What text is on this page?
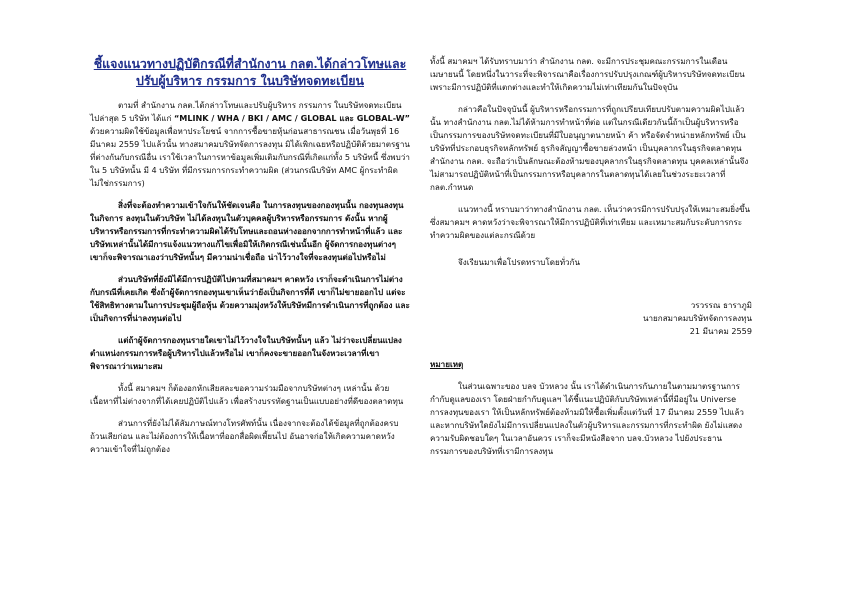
ชี้แจงแนวทางปฏิบัติกรณีที่สำนักงาน กลต.ได้กล่าวโทษและปรับผู้บริหาร กรรมการ ในบริษัทจดทะเบียน

ตามที่ สำนักงาน กลต.ได้กล่าวโทษและปรับผู้บริหาร กรรมการ ในบริษัทจดทะเบียนไปล่าสุด 5 บริษัท ได้แก่ “MLINK / WHA / BKI / AMC / GLOBAL และ GLOBAL-W” ด้วยความผิดใช้ข้อมูลเพื่อหาประโยชน์ จากการซื้อขายหุ้นก่อนสาธารณชน เมื่อวันพุธที่ 16 มีนาคม 2559 ไปแล้วนั้น ทางสมาคมบริษัทจัดการลงทุน มิได้เพิกเฉยหรือปฏิบัติด้วยมาตรฐานที่ต่างกันกับกรณีอื่น เราใช้เวลาในการหาข้อมูลเพิ่มเติมกับกรณีที่เกิดแก่ทั้ง 5 บริษัทนี้ ซึ่งพบว่าใน 5 บริษัทนั้น มี 4 บริษัท ที่มีกรรมการกระทำความผิด (ส่วนกรณีบริษัท AMC ผู้กระทำผิดไม่ใช่กรรมการ)

สิ่งที่จะต้องทำความเข้าใจกันให้ชัดเจนคือ ในการลงทุนของกองทุนนั้น กองทุนลงทุนในกิจการ ลงทุนในตัวบริษัท ไม่ได้ลงทุนในตัวบุคคลผู้บริหารหรือกรรมการ ดังนั้น หากผู้บริหารหรือกรรมการที่กระทำความผิดได้รับโทษและถอนห่างออกจากการทำหน้าที่แล้ว และบริษัทเหล่านั้นได้มีการแจ้งแนวทางแก้ไขเพื่อมิให้เกิดกรณีเช่นนั้นอีก ผู้จัดการกองทุนต่างๆ เขาก็จะพิจารณาเองว่าบริษัทนั้นๆ มีความน่าเชื่อถือ น่าไว้วางใจที่จะลงทุนต่อไปหรือไม่

ส่วนบริษัทที่ยังมิได้มีการปฏิบัติไปตามที่สมาคมฯ คาดหวัง เราก็จะดำเนินการไม่ต่างกับกรณีที่เคยเกิด ซึ่งถ้าผู้จัดการกองทุนเขาเห็นว่ายังเป็นกิจการที่ดี เขาก็ไม่ขายออกไป แต่จะใช้สิทธิทางตามในการประชุมผู้ถือหุ้น ด้วยความมุ่งหวังให้บริษัทมีการดำเนินการที่ถูกต้อง และเป็นกิจการที่น่าลงทุนต่อไป

แต่ถ้าผู้จัดการกองทุนรายใดเขาไม่ไว้วางใจในบริษัทนั้นๆ แล้ว ไม่ว่าจะเปลี่ยนแปลงตำแหน่งกรรมการหรือผู้บริหารไปแล้วหรือไม่ เขาก็คงจะขายออกในจังหวะเวลาที่เขาพิจารณาว่าเหมาะสม

ทั้งนี้ สมาคมฯ ก็ต้องอกหักเสียสละขอความร่วมมือจากบริษัทต่างๆ เหล่านั้น ด้วยเนื้อหาที่ไม่ต่างจากที่ได้เคยปฏิบัติไปแล้ว เพื่อสร้างบรรทัดฐานเป็นแบบอย่างที่ดีของตลาดทุน

ส่วนการที่ยังไม่ได้สัมภาษณ์ทางโทรศัพท์นั้น เนื่องจากจะต้องได้ข้อมูลที่ถูกต้องครบถ้วนเสียก่อน และไม่ต้องการให้เนื้อหาที่ออกสื่อผิดเพี้ยนไป อันอาจก่อให้เกิดความคาดหวัง ความเข้าใจที่ไม่ถูกต้อง

ทั้งนี้ สมาคมฯ ได้รับทราบมาว่า สำนักงาน กลต. จะมีการประชุมคณะกรรมการในเดือนเมษายนนี้ โดยหนึ่งในวาระที่จะพิจารณาคือเรื่องการปรับปรุงเกณฑ์ผู้บริหารบริษัทจดทะเบียน เพราะมีการปฏิบัติที่แตกต่างและทำให้เกิดความไม่เท่าเทียมกันในปัจจุบัน

กล่าวคือในปัจจุบันนี้ ผู้บริหารหรือกรรมการที่ถูกเปรียบเทียบปรับตามความผิดไปแล้วนั้น ทางสำนักงาน กลต.ไม่ได้ห้ามการทำหน้าที่ต่อ แต่ในกรณีเดียวกันนี้ถ้าเป็นผู้บริหารหรือเป็นกรรมการของบริษัทจดทะเบียนที่มีใบอนุญาตนายหน้า ค้า หรือจัดจำหน่ายหลักทรัพย์ เป็นบริษัทที่ประกอบธุรกิจหลักทรัพย์ ธุรกิจสัญญาซื้อขายล่วงหน้า เป็นบุคลากรในธุรกิจตลาดทุน สำนักงาน กลต. จะถือว่าเป็นลักษณะต้องห้ามของบุคลากรในธุรกิจตลาดทุน บุคคลเหล่านั้นจึงไม่สามารถปฏิบัติหน้าที่เป็นกรรมการหรือบุคลากรในตลาดทุนได้เลยในช่วงระยะเวลาที่ กลต.กำหนด

แนวทางนี้ ทราบมาว่าทางสำนักงาน กลต. เห็นว่าควรมีการปรับปรุงให้เหมาะสมยิ่งขึ้น ซึ่งสมาคมฯ คาดหวังว่าจะพิจารณาให้มีการปฏิบัติที่เท่าเทียม และเหมาะสมกับระดับการกระทำความผิดของแต่ละกรณีด้วย

จึงเรียนมาเพื่อโปรดทราบโดยทั่วกัน

วรวรรณ ธาราภูมิ

นายกสมาคมบริษัทจัดการลงทุน

21 มีนาคม 2559

หมายเหตุ

ในส่วนเฉพาะของ บลจ บัวหลวง นั้น เราได้ดำเนินการกันภายในตามมาตรฐานการกำกับดูแลของเรา โดยฝ่ายกำกับดูแลฯ ได้ชี้แนะปฏิบัติกับบริษัทเหล่านี้ที่มีอยู่ใน Universe การลงทุนของเรา ให้เป็นหลักทรัพย์ต้องห้ามมิให้ซื้อเพิ่มตั้งแต่วันที่ 17 มีนาคม 2559 ไปแล้ว และหากบริษัทใดยังไม่มีการเปลี่ยนแปลงในตัวผู้บริหารและกรรมการที่กระทำผิด ยังไม่แสดงความรับผิดชอบใดๆ ในเวลาอันควร เราก็จะมีหนังสือจาก บลจ.บัวหลวง ไปยังประธานกรรมการของบริษัทที่เรามีการลงทุน
